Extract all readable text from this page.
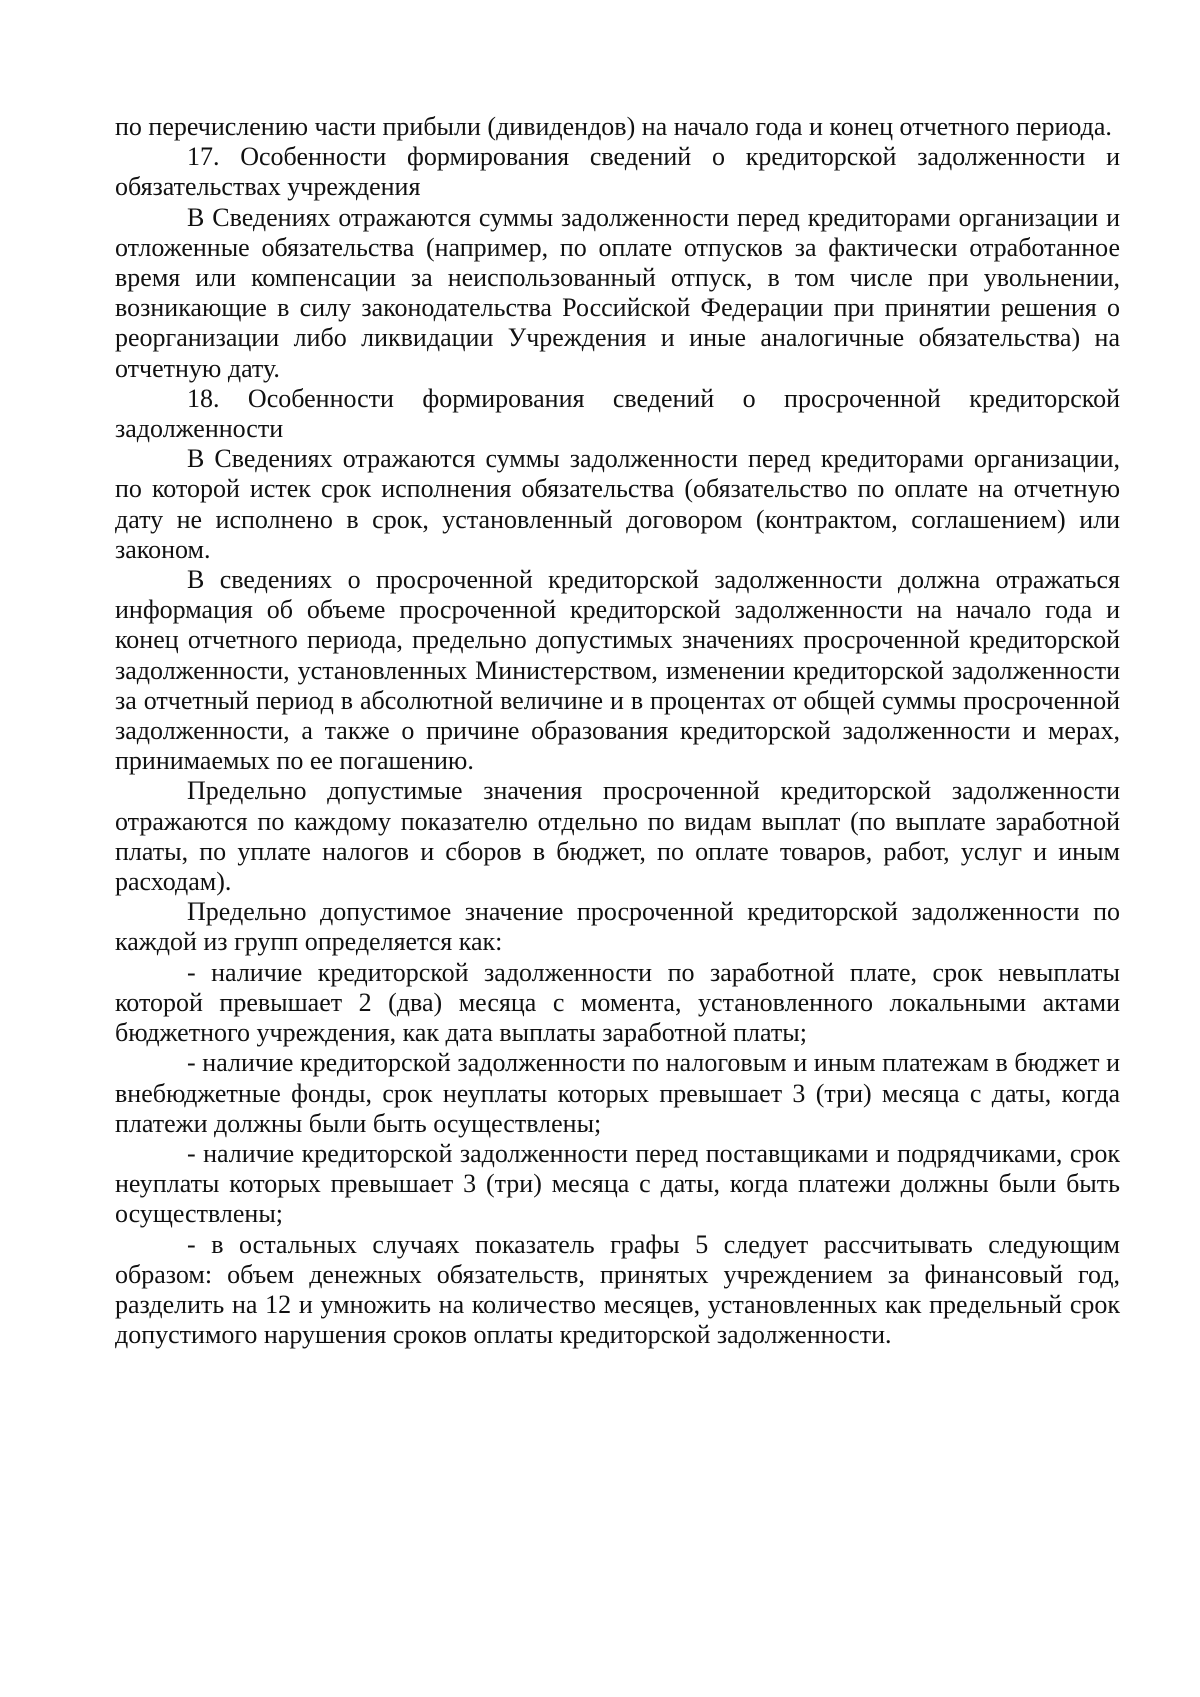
по перечислению части прибыли (дивидендов) на начало года и конец отчетного периода.

17. Особенности формирования сведений о кредиторской задолженности и обязательствах учреждения

В Сведениях отражаются суммы задолженности перед кредиторами организации и отложенные обязательства (например, по оплате отпусков за фактически отработанное время или компенсации за неиспользованный отпуск, в том числе при увольнении, возникающие в силу законодательства Российской Федерации при принятии решения о реорганизации либо ликвидации Учреждения и иные аналогичные обязательства) на отчетную дату.

18. Особенности формирования сведений о просроченной кредиторской задолженности

В Сведениях отражаются суммы задолженности перед кредиторами организации, по которой истек срок исполнения обязательства (обязательство по оплате на отчетную дату не исполнено в срок, установленный договором (контрактом, соглашением) или законом.

В сведениях о просроченной кредиторской задолженности должна отражаться информация об объеме просроченной кредиторской задолженности на начало года и конец отчетного периода, предельно допустимых значениях просроченной кредиторской задолженности, установленных Министерством, изменении кредиторской задолженности за отчетный период в абсолютной величине и в процентах от общей суммы просроченной задолженности, а также о причине образования кредиторской задолженности и мерах, принимаемых по ее погашению.

Предельно допустимые значения просроченной кредиторской задолженности отражаются по каждому показателю отдельно по видам выплат (по выплате заработной платы, по уплате налогов и сборов в бюджет, по оплате товаров, работ, услуг и иным расходам).

Предельно допустимое значение просроченной кредиторской задолженности по каждой из групп определяется как:

- наличие кредиторской задолженности по заработной плате, срок невыплаты которой превышает 2 (два) месяца с момента, установленного локальными актами бюджетного учреждения, как дата выплаты заработной платы;

- наличие кредиторской задолженности по налоговым и иным платежам в бюджет и внебюджетные фонды, срок неуплаты которых превышает 3 (три) месяца с даты, когда платежи должны были быть осуществлены;

- наличие кредиторской задолженности перед поставщиками и подрядчиками, срок неуплаты которых превышает 3 (три) месяца с даты, когда платежи должны были быть осуществлены;

- в остальных случаях показатель графы 5 следует рассчитывать следующим образом: объем денежных обязательств, принятых учреждением за финансовый год, разделить на 12 и умножить на количество месяцев, установленных как предельный срок допустимого нарушения сроков оплаты кредиторской задолженности.
